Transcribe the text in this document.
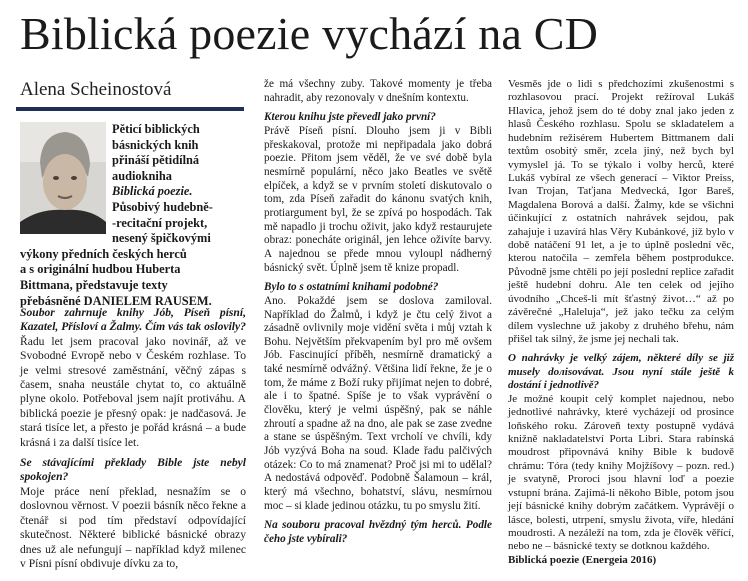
Biblická poezie vychází na CD
Alena Scheinostová
Pěticí biblických
básnických knih
přináší pětidílná
audiokniha
Biblická poezie.
Působivý hudebně-
-recitační projekt,
nesený špičkovými
výkony předních českých herců
a s originální hudbou Huberta
Bittmana, představuje texty
přebásněné DANIELEM RAUSEM.

Soubor zahrnuje knihy Jób, Píseň písní, Kazatel, Přísloví a Žalmy. Čím vás tak oslovily?

Řadu let jsem pracoval jako novinář, až ve Svobodné Evropě nebo v Českém rozhlase. To je velmi stresové zaměstnání, věčný zápas s časem, snaha neustále chytat to, co aktuálně plyne okolo. Potřeboval jsem najít protiváhu. A biblická poezie je přesný opak: je nadčasová. Je stará tisíce let, a přesto je pořád krásná – a bude krásná i za další tisíce let.

Se stávajícími překlady Bible jste nebyl spokojen?

Moje práce není překlad, nesnažím se o doslovnou věrnost. V poezii básník něco řekne a čtenář si pod tím představí odpovídající skutečnost. Některé biblické básnické obrazy dnes už ale nefungují – například když milenec v Písni písní obdivuje dívku za to,

že má všechny zuby. Takové momenty je třeba nahradit, aby rezonovaly v dnešním kontextu.

Kterou knihu jste převedl jako první?

Právě Píseň písní. Dlouho jsem ji v Bibli přeskakoval, protože mi nepřipadala jako dobrá poezie. Přitom jsem věděl, že ve své době byla nesmírně populární, něco jako Beatles ve světě elpíček, a když se v prvním století diskutovalo o tom, zda Píseň zařadit do kánonu svatých knih, protiargument byl, že se zpívá po hospodách. Tak mě napadlo ji trochu oživit, jako když restaurujete obraz: ponecháte originál, jen lehce oživíte barvy. A najednou se přede mnou vyloupl nádherný básnický svět. Úplně jsem tě knize propadl.

Bylo to s ostatními knihami podobné?

Ano. Pokaždé jsem se doslova zamiloval. Například do Žalmů, i když je čtu celý život a zásadně ovlivnily moje vidění světa i můj vztah k Bohu. Největším překvapením byl pro mě ovšem Jób. Fascinující příběh, nesmírně dramatický a také nesmírně odvážný. Většina lidí řekne, že je o tom, že máme z Boží ruky přijímat nejen to dobré, ale i to špatné. Spíše je to však vyprávění o člověku, který je velmi úspěšný, pak se náhle zhroutí a spadne až na dno, ale pak se zase zvedne a stane se úspěšným. Text vrcholí ve chvíli, kdy Jób vyzývá Boha na soud. Klade řadu palčivých otázek: Co to má znamenat? Proč jsi mi to udělal? A nedostává odpověď. Podobně Šalamoun – král, který má všechno, bohatství, slávu, nesmírnou moc – si klade jedinou otázku, tu po smyslu žití.

Na souboru pracoval hvězdný tým herců. Podle čeho jste vybírali?

Vesměs jde o lidi s předchozími zkušenostmi s rozhlasovou prací. Projekt režíroval Lukáš Hlavica, jehož jsem do té doby znal jako jeden z hlasů Českého rozhlasu. Spolu se skladatelem a hudebním režisérem Hubertem Bittmanem dali textům osobitý směr, zcela jiný, než bych byl vymyslel já. To se týkalo i volby herců, které Lukáš vybíral ze všech generací – Viktor Preiss, Ivan Trojan, Taťjana Medvecká, Igor Bareš, Magdalena Borová a další. Žalmy, kde se všichni účinkující z ostatních nahrávek sejdou, pak zahajuje i uzavírá hlas Věry Kubánkové, jíž bylo v době natáčení 91 let, a je to úplně poslední věc, kterou natočila – zemřela během postprodukce. Původně jsme chtěli po její poslední replice zařadit ještě hudební dohru. Ale ten celek od jejího úvodního „Chceš-li mít šťastný život…“ až po závěrečné „Haleluja“, jež jako tečku za celým dílem vyslechne už jakoby z druhého břehu, nám přišel tak silný, že jsme jej nechali tak.

O nahrávky je velký zájem, některé díly se již musely doлisovávat. Jsou nyní stále ještě k dostání i jednotlivě?

Je možné koupit celý komplet najednou, nebo jednotlivé nahrávky, které vycházejí od prosince loňského roku. Zároveň texty postupně vydává knižně nakladatelství Porta Libri. Starа rabínská moudrost připovnává knihy Bible k budově chrámu: Tóra (tedy knihy Mojžíšovy – pozn. red.) je svatyně, Proroci jsou hlavní loď a poezie vstupní brána. Zajímá-li někoho Bible, potom jsou její básnické knihy dobrým začátkem. Vyprávějí o lásce, bolesti, utrpení, smyslu života, víře, hledání moudrosti. A nezáleží na tom, zda je člověk věřící, nebo ne – básnické texty se dotknou každého.

Biblická poezie (Energeia 2016)
